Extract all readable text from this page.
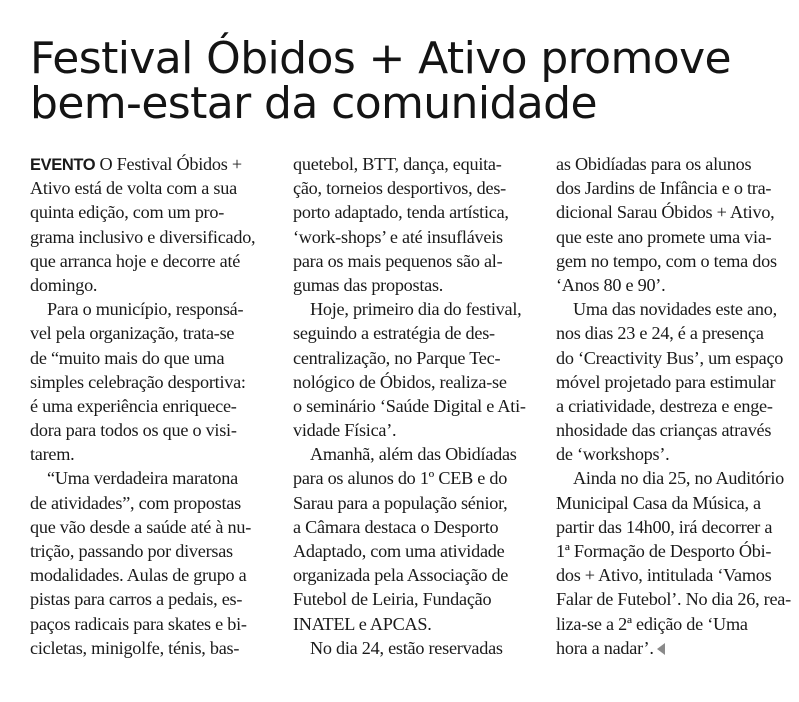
Festival Óbidos + Ativo promove
bem-estar da comunidade
EVENTO O Festival Óbidos +
Ativo está de volta com a sua
quinta edição, com um pro-
grama inclusivo e diversificado,
que arranca hoje e decorre até
domingo.
Para o município, responsá-
vel pela organização, trata-se
de “muito mais do que uma
simples celebração desportiva:
é uma experiência enriquece-
dora para todos os que o visi-
tarem.
“Uma verdadeira maratona
de atividades”, com propostas
que vão desde a saúde até à nu-
trição, passando por diversas
modalidades. Aulas de grupo a
pistas para carros a pedais, es-
paços radicais para skates e bi-
cicletas, minigolfe, ténis, bas-
quetebol, BTT, dança, equita-
ção, torneios desportivos, des-
porto adaptado, tenda artística,
‘work-shops’ e até insufláveis
para os mais pequenos são al-
gumas das propostas.
Hoje, primeiro dia do festival,
seguindo a estratégia de des-
centralização, no Parque Tec-
nológico de Óbidos, realiza-se
o seminário ‘Saúde Digital e Ati-
vidade Física’.
Amanhã, além das Obidíadas
para os alunos do 1º CEB e do
Sarau para a população sénior,
a Câmara destaca o Desporto
Adaptado, com uma atividade
organizada pela Associação de
Futebol de Leiria, Fundação
INATEL e APCAS.
No dia 24, estão reservadas
as Obidíadas para os alunos
dos Jardins de Infância e o tra-
dicional Sarau Óbidos + Ativo,
que este ano promete uma via-
gem no tempo, com o tema dos
‘Anos 80 e 90’.
Uma das novidades este ano,
nos dias 23 e 24, é a presença
do ‘Creactivity Bus’, um espaço
móvel projetado para estimular
a criatividade, destreza e enge-
nhosidade das crianças através
de ‘workshops’.
Ainda no dia 25, no Auditório
Municipal Casa da Música, a
partir das 14h00, irá decorrer a
1ª Formação de Desporto Óbi-
dos + Ativo, intitulada ‘Vamos
Falar de Futebol’. No dia 26, rea-
liza-se a 2ª edição de ‘Uma
hora a nadar’.
